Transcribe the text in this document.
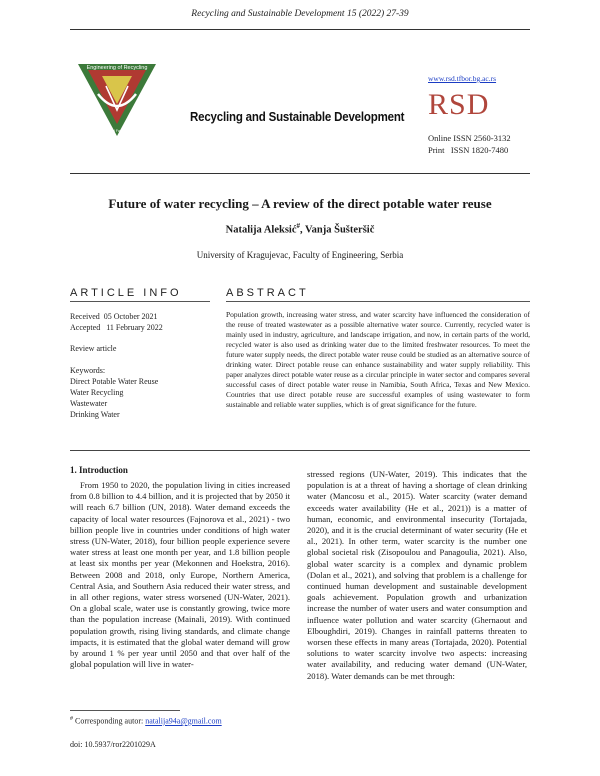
Recycling and Sustainable Development 15 (2022) 27-39
Engineering of Recycling
Technical Faculty Bor
Recycling and Sustainable Development
www.rsd.tfbor.bg.ac.rs
RSD
Online ISSN 2560-3132
Print   ISSN 1820-7480
Future of water recycling – A review of the direct potable water reuse
Natalija Aleksić#, Vanja Šušteršič
University of Kragujevac, Faculty of Engineering, Serbia
ARTICLE INFO	ABSTRACT
Received  05 October 2021
Accepted   11 February 2022
Review article
Keywords:
Direct Potable Water Reuse
Water Recycling
Wastewater
Drinking Water
Population growth, increasing water stress, and water scarcity have influenced the consideration of the reuse of treated wastewater as a possible alternative water source. Currently, recycled water is mainly used in industry, agriculture, and landscape irrigation, and now, in certain parts of the world, recycled water is also used as drinking water due to the limited freshwater resources. To meet the future water supply needs, the direct potable water reuse could be studied as an alternative source of drinking water. Direct potable reuse can enhance sustainability and water supply reliability. This paper analyzes direct potable water reuse as a circular principle in water sector and compares several successful cases of direct potable water reuse in Namibia, South Africa, Texas and New Mexico. Countries that use direct potable reuse are successful examples of using wastewater to form sustainable and reliable water supplies, which is of great significance for the future.
1. Introduction
From 1950 to 2020, the population living in cities increased from 0.8 billion to 4.4 billion, and it is projected that by 2050 it will reach 6.7 billion (UN, 2018). Water demand exceeds the capacity of local water resources (Fajnorova et al., 2021) - two billion people live in countries under conditions of high water stress (UN-Water, 2018), four billion people experience severe water stress at least one month per year, and 1.8 billion people at least six months per year (Mekonnen and Hoekstra, 2016). Between 2008 and 2018, only Europe, Northern America, Central Asia, and Southern Asia reduced their water stress, and in all other regions, water stress worsened (UN-Water, 2021). On a global scale, water use is constantly growing, twice more than the population increase (Mainali, 2019). With continued population growth, rising living standards, and climate change impacts, it is estimated that the global water demand will grow by around 1 % per year until 2050 and that over half of the global population will live in water-
stressed regions (UN-Water, 2019). This indicates that the population is at a threat of having a shortage of clean drinking water (Mancosu et al., 2015). Water scarcity (water demand exceeds water availability (He et al., 2021)) is a matter of human, economic, and environmental insecurity (Tortajada, 2020), and it is the crucial determinant of water security (He et al., 2021). In other term, water scarcity is the number one global societal risk (Zisopoulou and Panagoulia, 2021). Also, global water scarcity is a complex and dynamic problem (Dolan et al., 2021), and solving that problem is a challenge for continued human development and sustainable development goals achievement. Population growth and urbanization increase the number of water users and water consumption and influence water pollution and water scarcity (Ghernaout and Elboughdiri, 2019). Changes in rainfall patterns threaten to worsen these effects in many areas (Tortajada, 2020). Potential solutions to water scarcity involve two aspects: increasing water availability, and reducing water demand (UN-Water, 2018). Water demands can be met through:
# Corresponding autor: natalija94a@gmail.com
doi: 10.5937/ror2201029A
